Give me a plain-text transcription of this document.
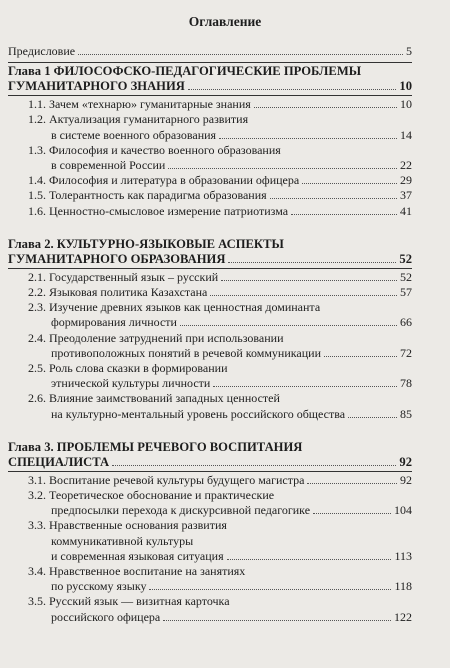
Оглавление
Предисловие	5
Глава 1 ФИЛОСОФСКО-ПЕДАГОГИЧЕСКИЕ ПРОБЛЕМЫ
ГУМАНИТАРНОГО ЗНАНИЯ	10
1.1. Зачем «технарю» гуманитарные знания	10
1.2. Актуализация гуманитарного развития
в системе военного образования	14
1.3. Философия и качество военного образования
в современной России	22
1.4. Философия и литература в образовании офицера	29
1.5. Толерантность как парадигма образования	37
1.6. Ценностно-смысловое измерение патриотизма	41
Глава 2. КУЛЬТУРНО-ЯЗЫКОВЫЕ АСПЕКТЫ
ГУМАНИТАРНОГО ОБРАЗОВАНИЯ	52
2.1. Государственный язык – русский	52
2.2. Языковая политика Казахстана	57
2.3. Изучение древних языков как ценностная доминанта
формирования личности	66
2.4. Преодоление затруднений при использовании
противоположных понятий в речевой коммуникации	72
2.5. Роль слова сказки в формировании
этнической культуры личности	78
2.6. Влияние заимствований западных ценностей
на культурно-ментальный уровень российского общества	85
Глава 3. ПРОБЛЕМЫ РЕЧЕВОГО ВОСПИТАНИЯ
СПЕЦИАЛИСТА	92
3.1. Воспитание речевой культуры будущего магистра	92
3.2. Теоретическое обоснование и практические
предпосылки перехода к дискурсивной педагогике	104
3.3. Нравственные основания развития
коммуникативной культуры
и современная языковая ситуация	113
3.4. Нравственное воспитание на занятиях
по русскому языку	118
3.5. Русский язык — визитная карточка
российского офицера	122
